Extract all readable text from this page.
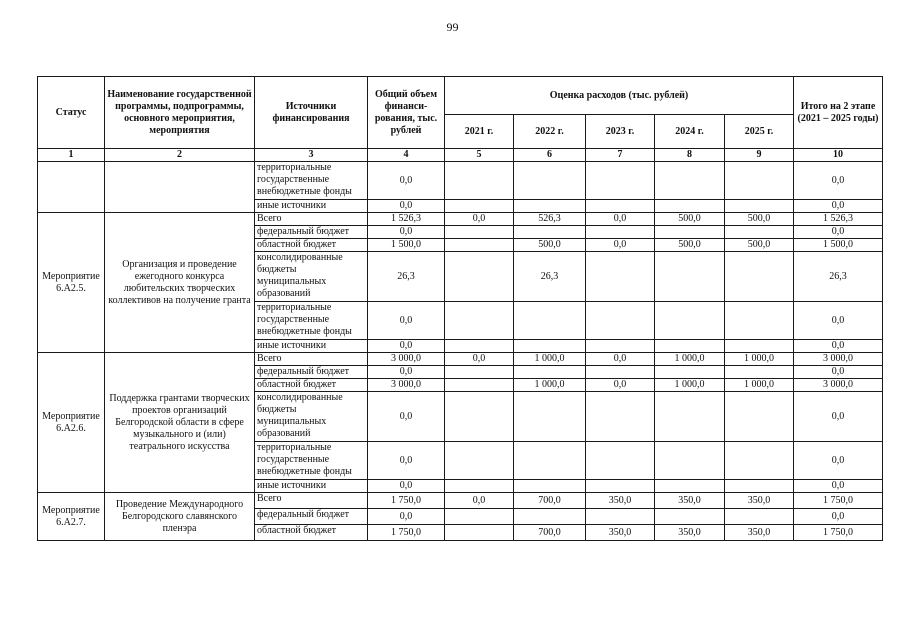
99
Статус	Наименование государственной программы, подпрограммы, основного мероприятия, мероприятия	Источники финансирования	Общий объем финанси- рования, тыс. рублей	Оценка расходов (тыс. рублей)					Итого на 2 этапе (2021 – 2025 годы)
				2021 г.	2022 г.	2023 г.	2024 г.	2025 г.	
1	2	3	4	5	6	7	8	9	10
		территориальные государственные внебюджетные фонды	0,0						0,0
		иные источники	0,0						0,0
Мероприятие 6.А2.5.	Организация и проведение ежегодного конкурса любительских творческих коллективов на получение гранта	Всего	1 526,3	0,0	526,3	0,0	500,0	500,0	1 526,3
		федеральный бюджет	0,0						0,0
		областной бюджет	1 500,0		500,0	0,0	500,0	500,0	1 500,0
		консолидированные бюджеты муниципальных образований	26,3		26,3				26,3
		территориальные государственные внебюджетные фонды	0,0						0,0
		иные источники	0,0						0,0
Мероприятие 6.А2.6.	Поддержка грантами творческих проектов организаций Белгородской области в сфере музыкального и (или) театрального искусства	Всего	3 000,0	0,0	1 000,0	0,0	1 000,0	1 000,0	3 000,0
		федеральный бюджет	0,0						0,0
		областной бюджет	3 000,0		1 000,0	0,0	1 000,0	1 000,0	3 000,0
		консолидированные бюджеты муниципальных образований	0,0						0,0
		территориальные государственные внебюджетные фонды	0,0						0,0
		иные источники	0,0						0,0
Мероприятие 6.А2.7.	Проведение Международного Белгородского славянского пленэра	Всего	1 750,0	0,0	700,0	350,0	350,0	350,0	1 750,0
		федеральный бюджет	0,0						0,0
		областной бюджет	1 750,0		700,0	350,0	350,0	350,0	1 750,0
